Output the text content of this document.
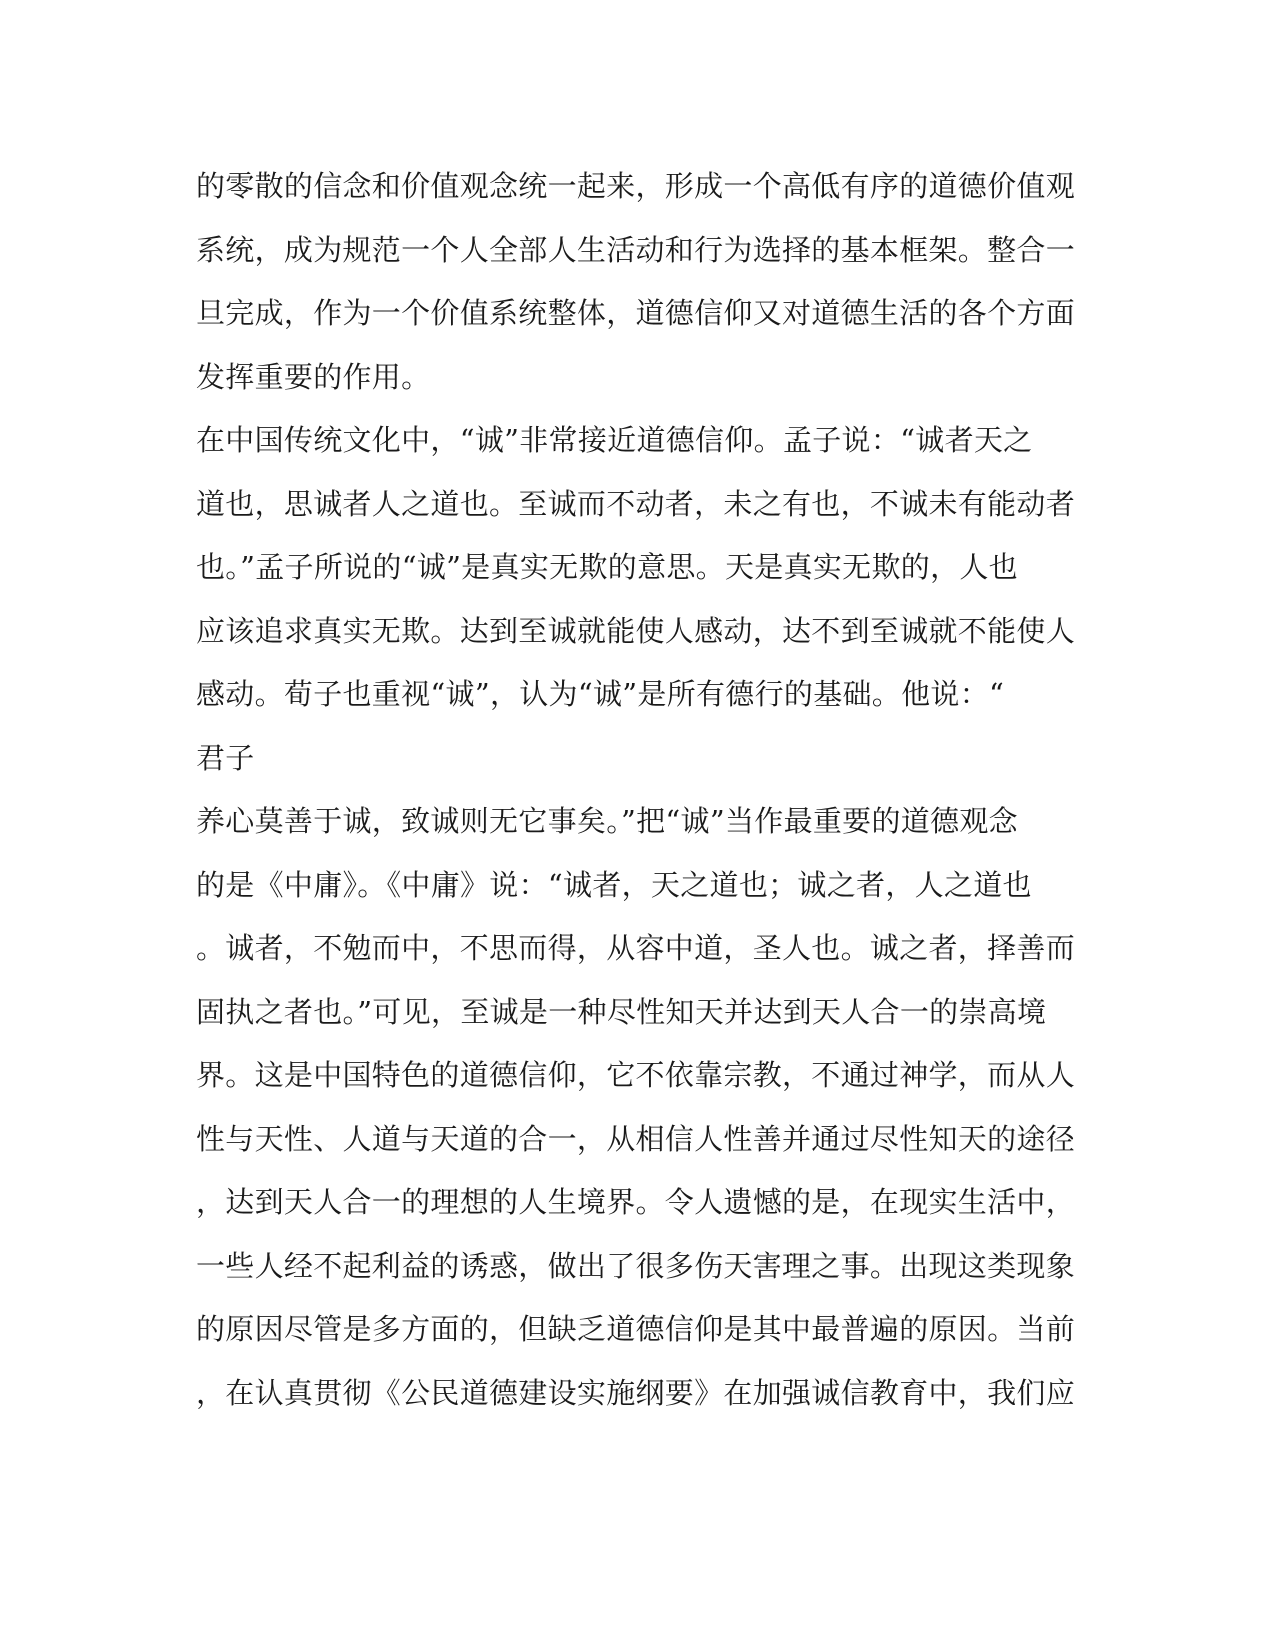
的零散的信念和价值观念统一起来，形成一个高低有序的道德价值观
系统，成为规范一个人全部人生活动和行为选择的基本框架。整合一
旦完成，作为一个价值系统整体，道德信仰又对道德生活的各个方面
发挥重要的作用。
在中国传统文化中，“诚”非常接近道德信仰。孟子说：“诚者天之
道也，思诚者人之道也。至诚而不动者，未之有也，不诚未有能动者
也。”孟子所说的“诚”是真实无欺的意思。天是真实无欺的，人也
应该追求真实无欺。达到至诚就能使人感动，达不到至诚就不能使人
感动。荀子也重视“诚”，认为“诚”是所有德行的基础。他说：“
君子
养心莫善于诚，致诚则无它事矣。”把“诚”当作最重要的道德观念
的是《中庸》。《中庸》说：“诚者，天之道也；诚之者，人之道也
。诚者，不勉而中，不思而得，从容中道，圣人也。诚之者，择善而
固执之者也。”可见，至诚是一种尽性知天并达到天人合一的崇高境
界。这是中国特色的道德信仰，它不依靠宗教，不通过神学，而从人
性与天性、人道与天道的合一，从相信人性善并通过尽性知天的途径
，达到天人合一的理想的人生境界。令人遗憾的是，在现实生活中，
一些人经不起利益的诱惑，做出了很多伤天害理之事。出现这类现象
的原因尽管是多方面的，但缺乏道德信仰是其中最普遍的原因。当前
，在认真贯彻《公民道德建设实施纲要》在加强诚信教育中，我们应
